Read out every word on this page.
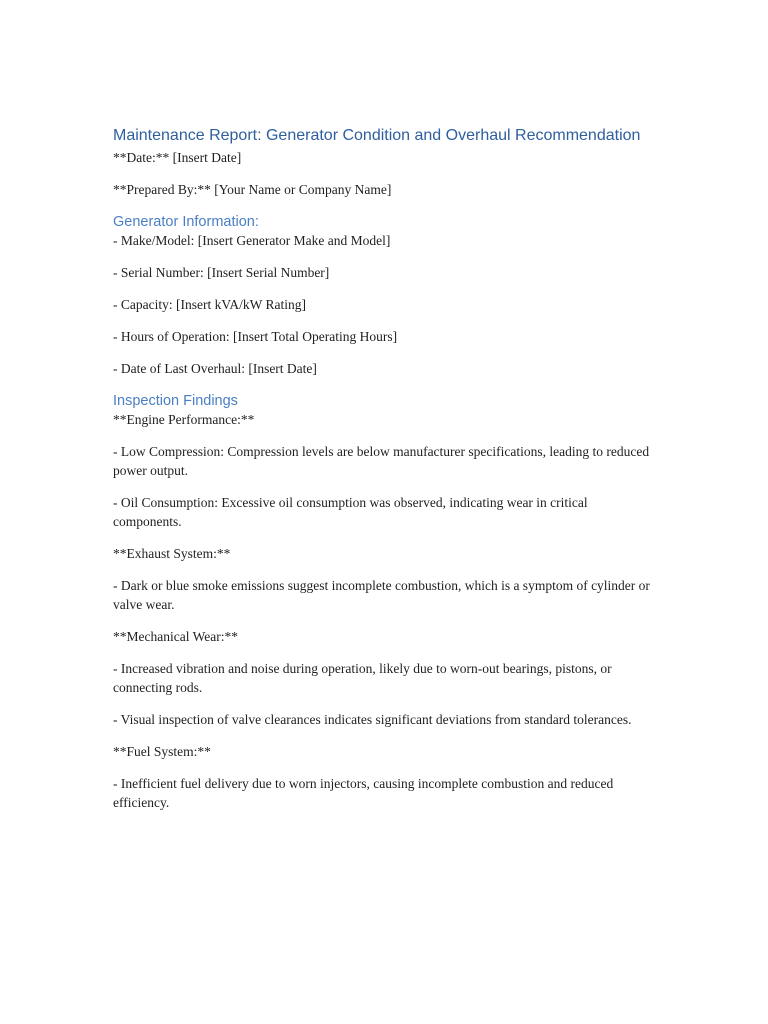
Maintenance Report: Generator Condition and Overhaul Recommendation

**Date:** [Insert Date]

**Prepared By:** [Your Name or Company Name]

Generator Information:

- Make/Model: [Insert Generator Make and Model]

- Serial Number: [Insert Serial Number]

- Capacity: [Insert kVA/kW Rating]

- Hours of Operation: [Insert Total Operating Hours]

- Date of Last Overhaul: [Insert Date]

Inspection Findings

**Engine Performance:**

- Low Compression: Compression levels are below manufacturer specifications, leading to reduced power output.

- Oil Consumption: Excessive oil consumption was observed, indicating wear in critical components.

**Exhaust System:**

- Dark or blue smoke emissions suggest incomplete combustion, which is a symptom of cylinder or valve wear.

**Mechanical Wear:**

- Increased vibration and noise during operation, likely due to worn-out bearings, pistons, or connecting rods.

- Visual inspection of valve clearances indicates significant deviations from standard tolerances.

**Fuel System:**

- Inefficient fuel delivery due to worn injectors, causing incomplete combustion and reduced efficiency.
